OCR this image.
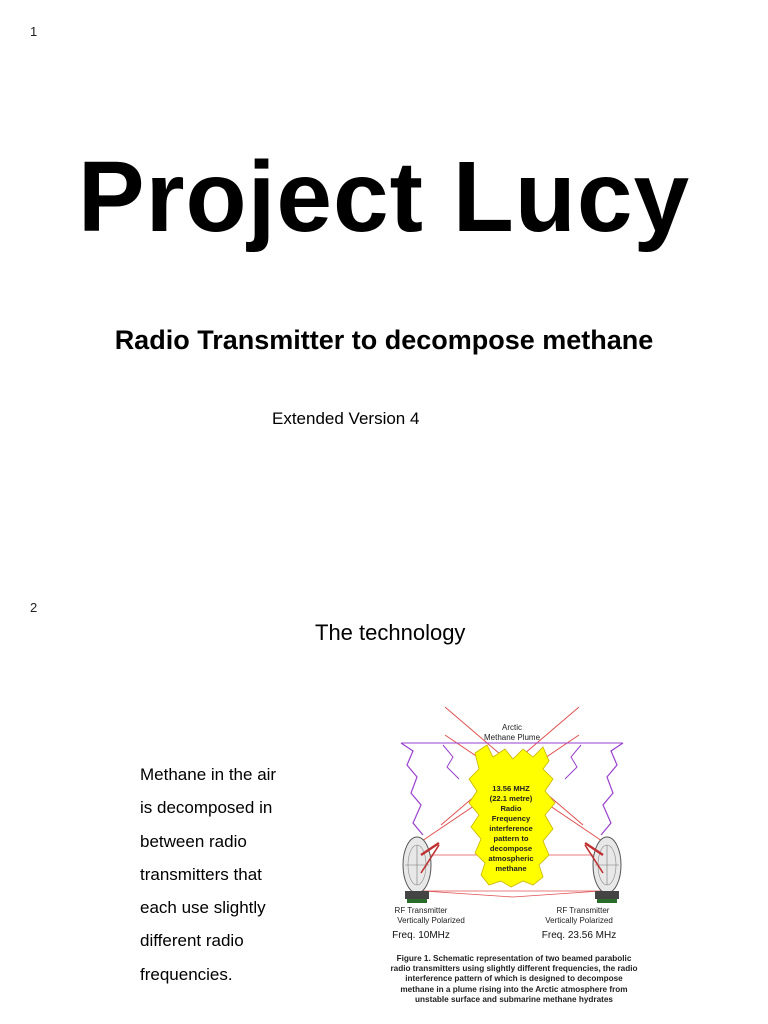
1
Project Lucy
Radio Transmitter to decompose methane
Extended Version 4
2
The technology
Methane in the air
is decomposed in
between radio
transmitters that
each use slightly
different radio
frequencies.
Arctic
Methane Plume
13.56 MHZ
(22.1 metre)
Radio
Frequency
interference
pattern to
decompose
atmospheric
methane
RF Transmitter
Vertically Polarized
Freq. 10MHz
RF Transmitter
Vertically Polarized
Freq. 23.56 MHz
Figure 1. Schematic representation of two beamed parabolic radio transmitters using slightly different frequencies, the radio interference pattern of which is designed to decompose methane in a plume rising into the Arctic atmosphere from unstable surface and submarine methane hydrates
